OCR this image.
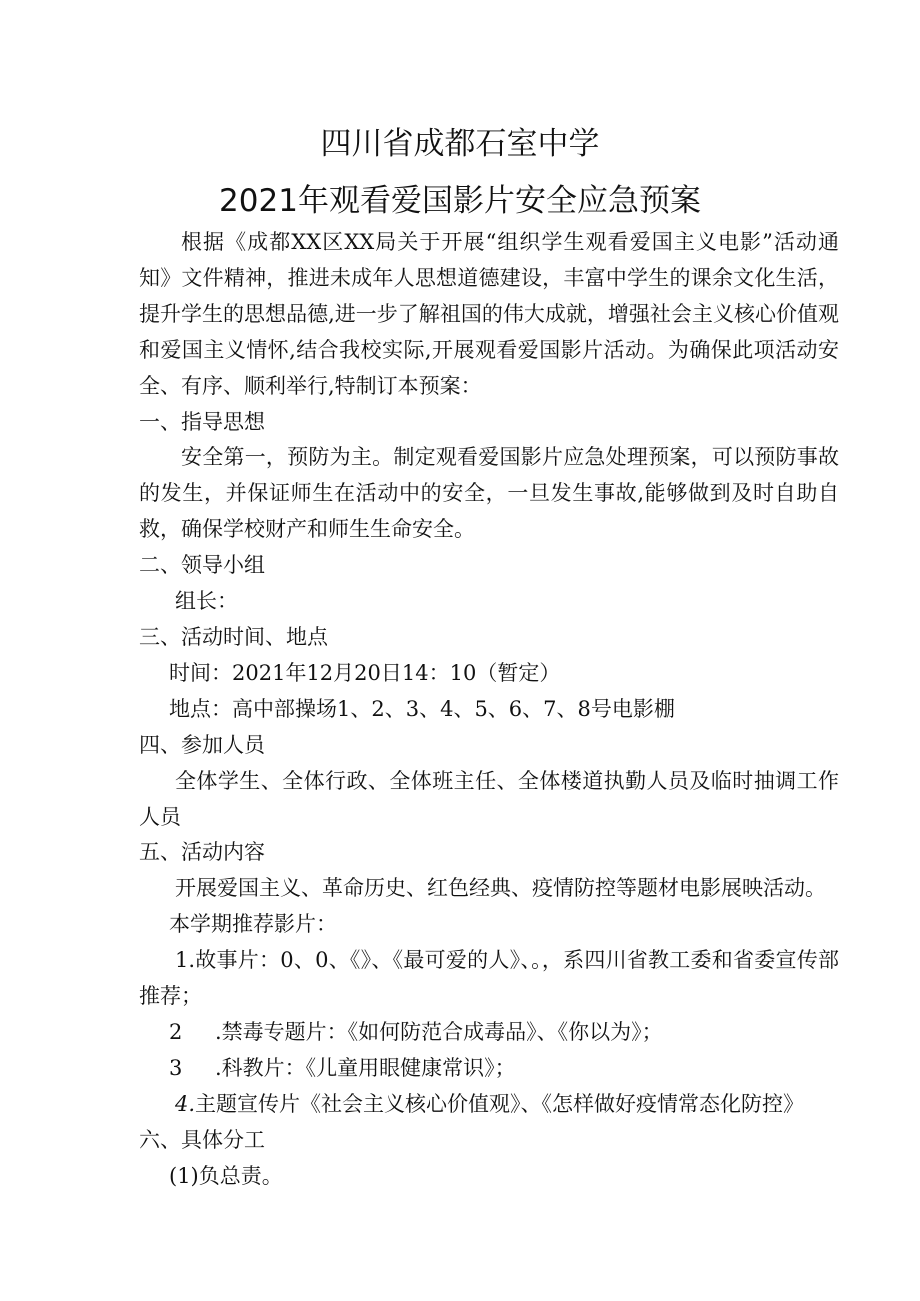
四川省成都石室中学
2021年观看爱国影片安全应急预案

根据《成都XX区XX局关于开展“组织学生观看爱国主义电影”活动通知》文件精神，推进未成年人思想道德建设，丰富中学生的课余文化生活，提升学生的思想品德,进一步了解祖国的伟大成就，增强社会主义核心价值观和爱国主义情怀,结合我校实际,开展观看爱国影片活动。为确保此项活动安全、有序、顺利举行,特制订本预案：

一、指导思想

安全第一，预防为主。制定观看爱国影片应急处理预案，可以预防事故的发生，并保证师生在活动中的安全，一旦发生事故,能够做到及时自助自救，确保学校财产和师生生命安全。

二、领导小组

组长：

三、活动时间、地点

时间：2021年12月20日14：10（暂定）

地点：高中部操场1、2、3、4、5、6、7、8号电影棚

四、参加人员

全体学生、全体行政、全体班主任、全体楼道执勤人员及临时抽调工作人员

五、活动内容

开展爱国主义、革命历史、红色经典、疫情防控等题材电影展映活动。

本学期推荐影片：

1.故事片：0、0、《》、《最可爱的人》、。，系四川省教工委和省委宣传部推荐；

2 .禁毒专题片：《如何防范合成毒品》、《你以为》；

3 .科教片：《儿童用眼健康常识》；

4.主题宣传片《社会主义核心价值观》、《怎样做好疫情常态化防控》

六、具体分工

(1)负总责。
